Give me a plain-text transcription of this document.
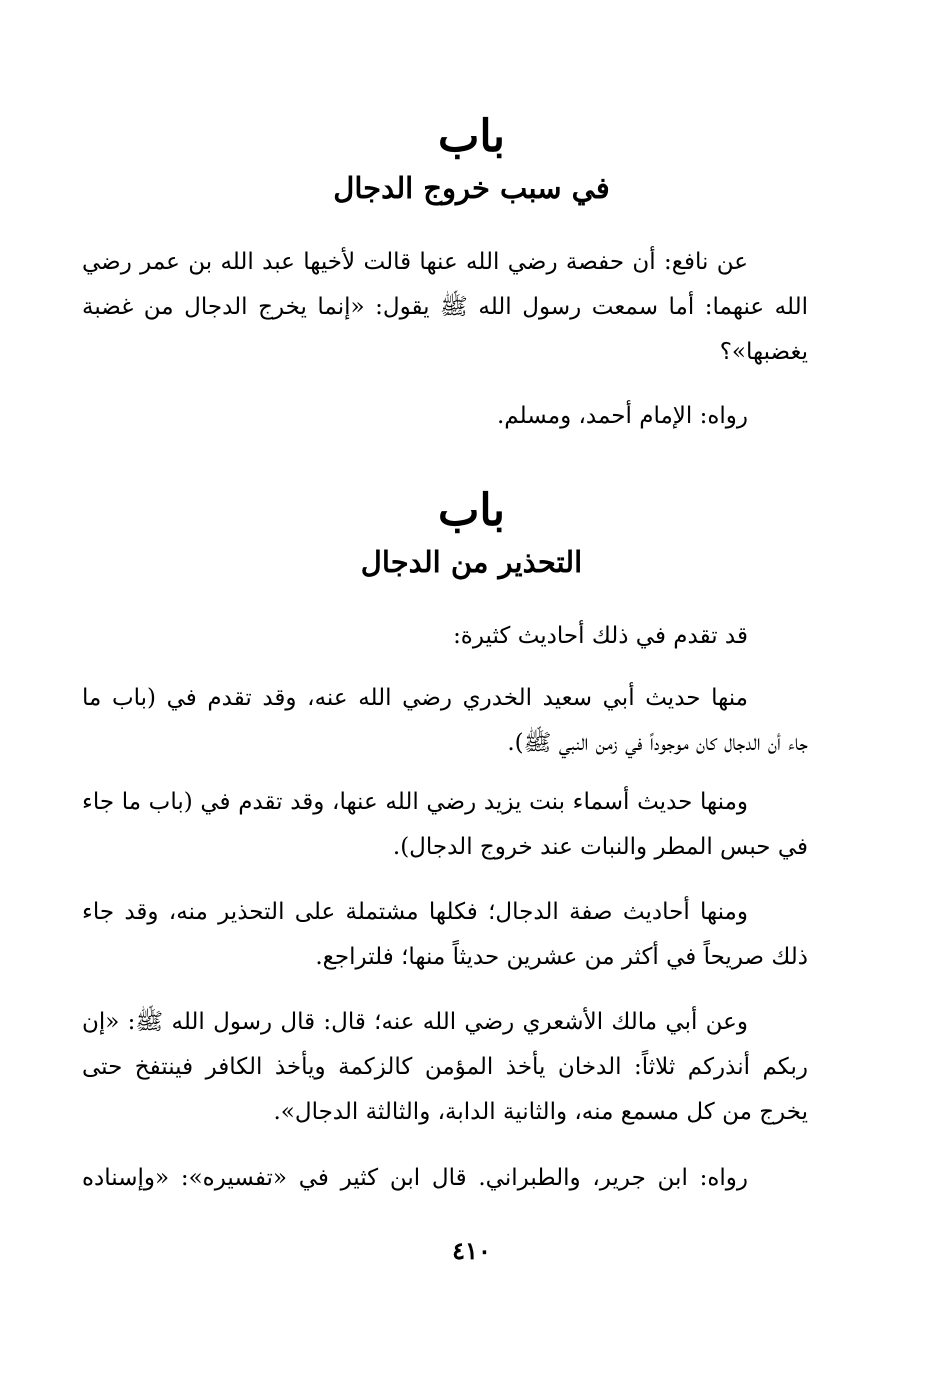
باب
في سبب خروج الدجال
عن نافع: أن حفصة رضي الله عنها قالت لأخيها عبد الله بن عمر رضي
الله عنهما: أما سمعت رسول الله ﷺ يقول: «إنما يخرج الدجال من غضبة
يغضبها»؟
رواه: الإمام أحمد، ومسلم.
باب
التحذير من الدجال
قد تقدم في ذلك أحاديث كثيرة:
منها حديث أبي سعيد الخدري رضي الله عنه، وقد تقدم في (باب ما
جاء أن الدجال كان موجوداً في زمن النبي ﷺ).
ومنها حديث أسماء بنت يزيد رضي الله عنها، وقد تقدم في (باب ما جاء
في حبس المطر والنبات عند خروج الدجال).
ومنها أحاديث صفة الدجال؛ فكلها مشتملة على التحذير منه، وقد جاء
ذلك صريحاً في أكثر من عشرين حديثاً منها؛ فلتراجع.
وعن أبي مالك الأشعري رضي الله عنه؛ قال: قال رسول الله ﷺ: «إن
ربكم أنذركم ثلاثاً: الدخان يأخذ المؤمن كالزكمة ويأخذ الكافر فينتفخ حتى
يخرج من كل مسمع منه، والثانية الدابة، والثالثة الدجال».
رواه: ابن جرير، والطبراني. قال ابن كثير في «تفسيره»: «وإسناده
٤١٠
